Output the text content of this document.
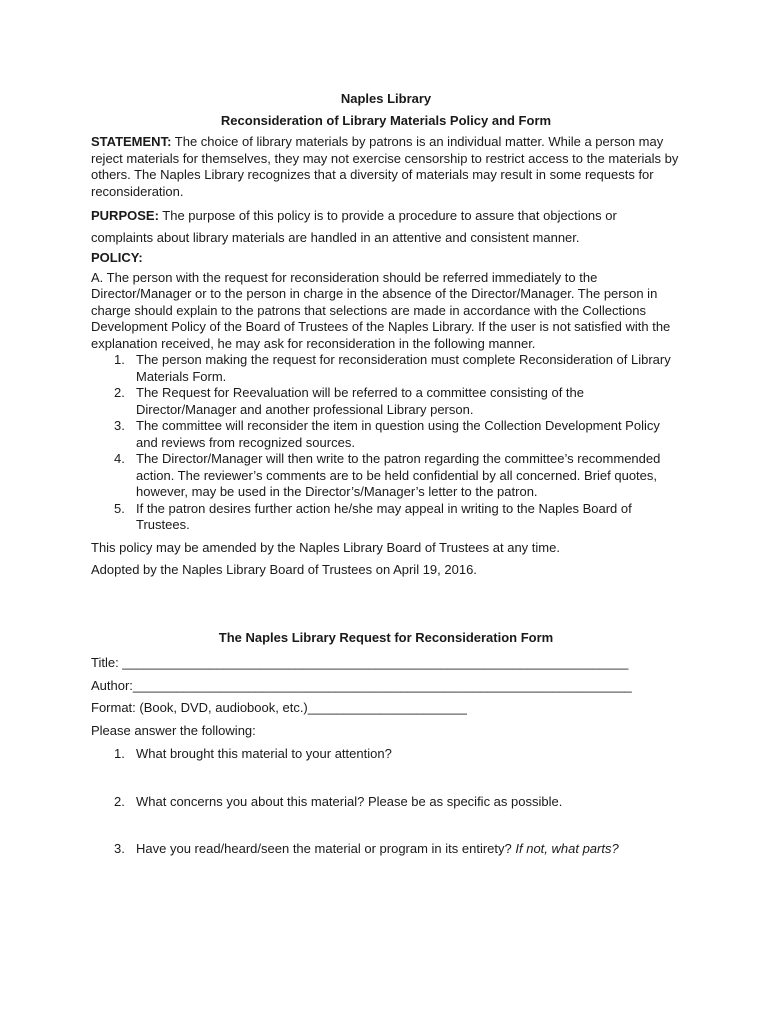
Naples Library

Reconsideration of Library Materials Policy and Form

STATEMENT: The choice of library materials by patrons is an individual matter. While a person may reject materials for themselves, they may not exercise censorship to restrict access to the materials by others. The Naples Library recognizes that a diversity of materials may result in some requests for reconsideration.

PURPOSE: The purpose of this policy is to provide a procedure to assure that objections or complaints about library materials are handled in an attentive and consistent manner.

POLICY:

A. The person with the request for reconsideration should be referred immediately to the Director/Manager or to the person in charge in the absence of the Director/Manager. The person in charge should explain to the patrons that selections are made in accordance with the Collections Development Policy of the Board of Trustees of the Naples Library. If the user is not satisfied with the explanation received, he may ask for reconsideration in the following manner.

1. The person making the request for reconsideration must complete Reconsideration of Library Materials Form.
2. The Request for Reevaluation will be referred to a committee consisting of the Director/Manager and another professional Library person.
3. The committee will reconsider the item in question using the Collection Development Policy and reviews from recognized sources.
4. The Director/Manager will then write to the patron regarding the committee’s recommended action. The reviewer’s comments are to be held confidential by all concerned. Brief quotes, however, may be used in the Director’s/Manager’s letter to the patron.
5. If the patron desires further action he/she may appeal in writing to the Naples Board of Trustees.

This policy may be amended by the Naples Library Board of Trustees at any time.

Adopted by the Naples Library Board of Trustees on April 19, 2016.

The Naples Library Request for Reconsideration Form

Title: ______________________________________________________________________

Author:_____________________________________________________________________

Format: (Book, DVD, audiobook, etc.)______________________

Please answer the following:

1. What brought this material to your attention?
2. What concerns you about this material? Please be as specific as possible.
3. Have you read/heard/seen the material or program in its entirety? If not, what parts?
